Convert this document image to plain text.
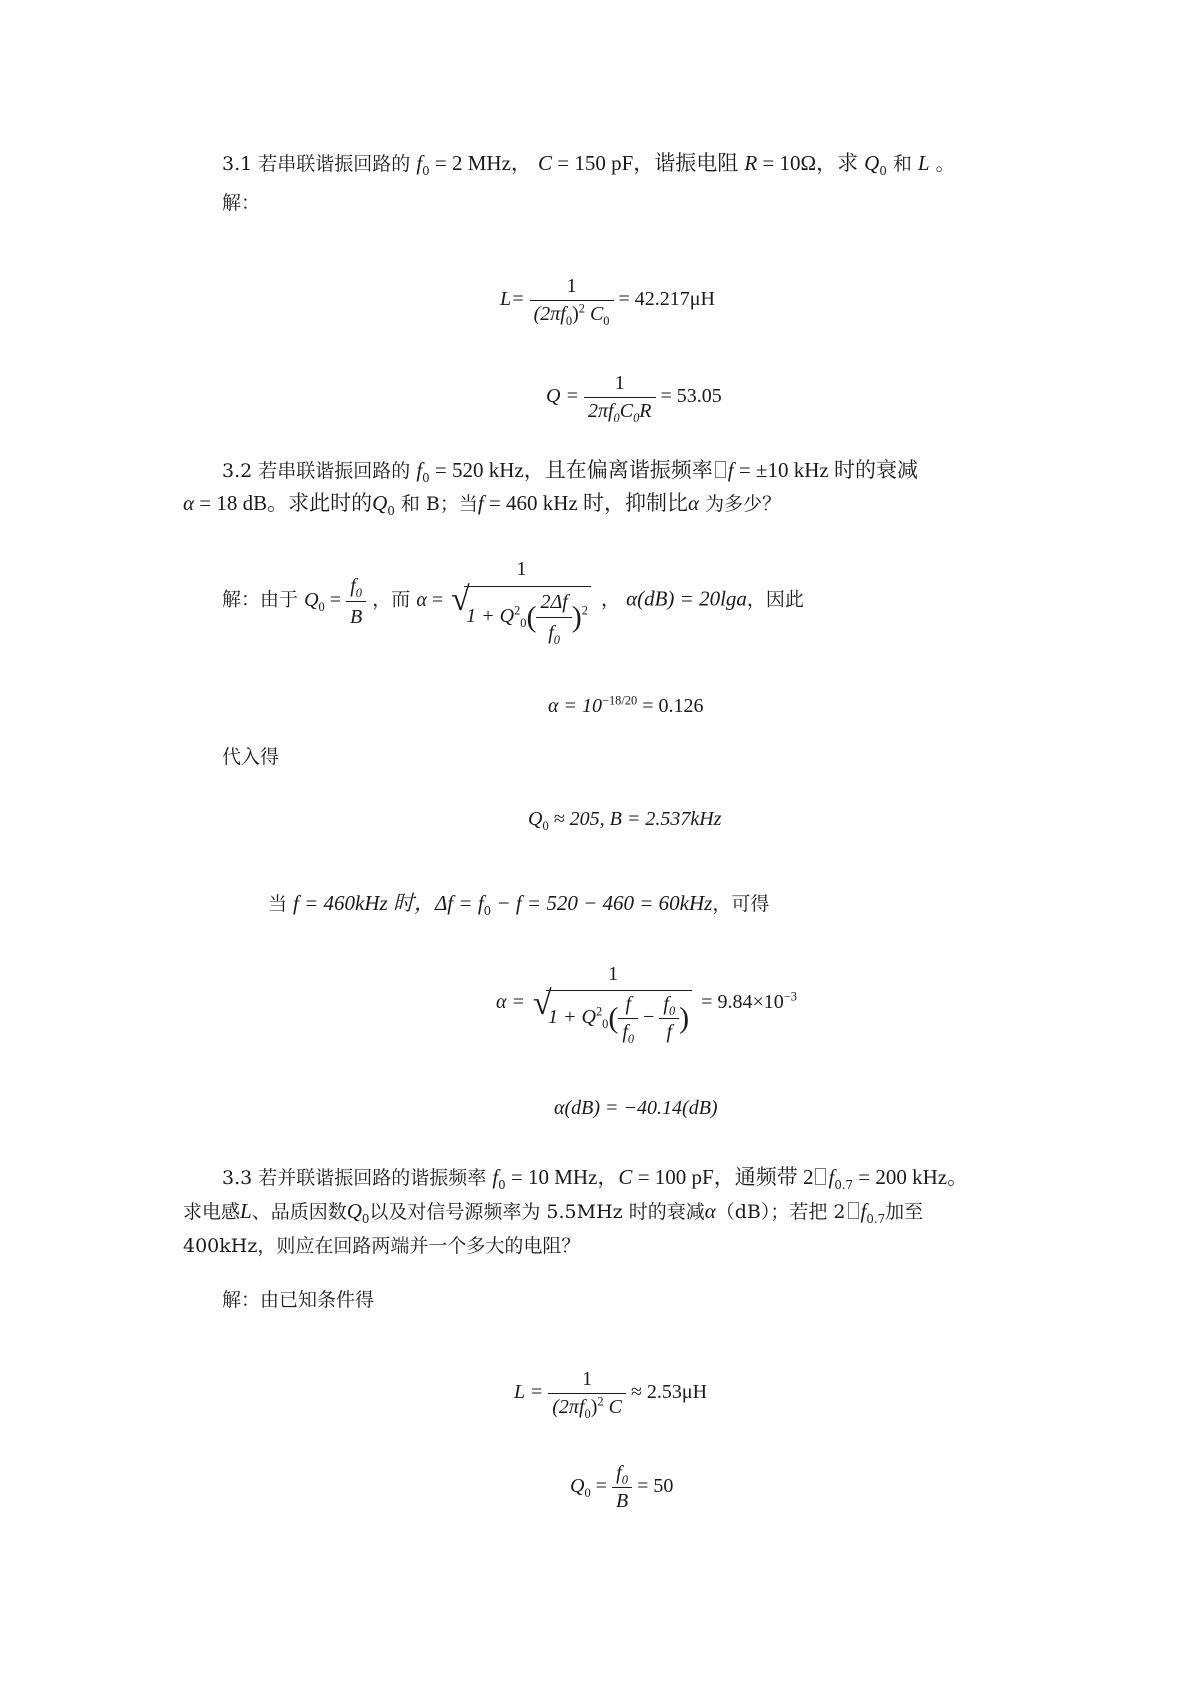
3.1 若串联谐振回路的 $f_0 = 2$ MHz， C = 150 pF，谐振电阻 R = 10Ω，求 $Q_0$ 和 L 。
解：
$L= \frac{1}{(2\pi f_0)^2 C_0} = 42.217\mu H$
$Q = \frac{1}{2\pi f_0C_0R} = 53.05$
3.2 若串联谐振回路的 $f_0 = 520$ kHz，且在偏离谐振频率 f = ±10 kHz 时的衰减
α = 18 dB。求此时的$Q_0$ 和 B；当f = 460 kHz 时，抑制比α 为多少？
解：由于 $Q_0 = \frac{f_0}{B}$ ，而 α =
1
√ $1 + Q^2_0( \frac{2\Delta f}{f_0} )^2$ ， α(dB) = 20lga，因此
$\alpha = 10^{-18/20} = 0.126$
代入得
$Q_0 \approx 205$, B = 2.537kHz
当 f = 460kHz 时，$\Delta f = f_0 - f = 520 - 460 = 60kHz$，可得
α =
1
√ $1 + Q^2_0( \frac{f}{f_0} - \frac{f_0}{f}$ ) = $9.84\times 10^{-3}$
α(dB) = −40.14(dB)
3.3 若并联谐振回路的谐振频率 $f_0 = 10$ MHz，C = 100 pF，通频带 2 $f_{0.7} = 200$ kHz。
求电感L、品质因数$Q_0$以及对信号源频率为 5.5MHz 时的衰减α（dB）；若把 2 $f_{0.7}$加至
400kHz，则应在回路两端并一个多大的电阻？
解：由已知条件得
$L = \frac{1}{(2\pi f_0)^2 C} \approx 2.53\mu H$
$Q_0 = \frac{f_0}{B} = 50$
